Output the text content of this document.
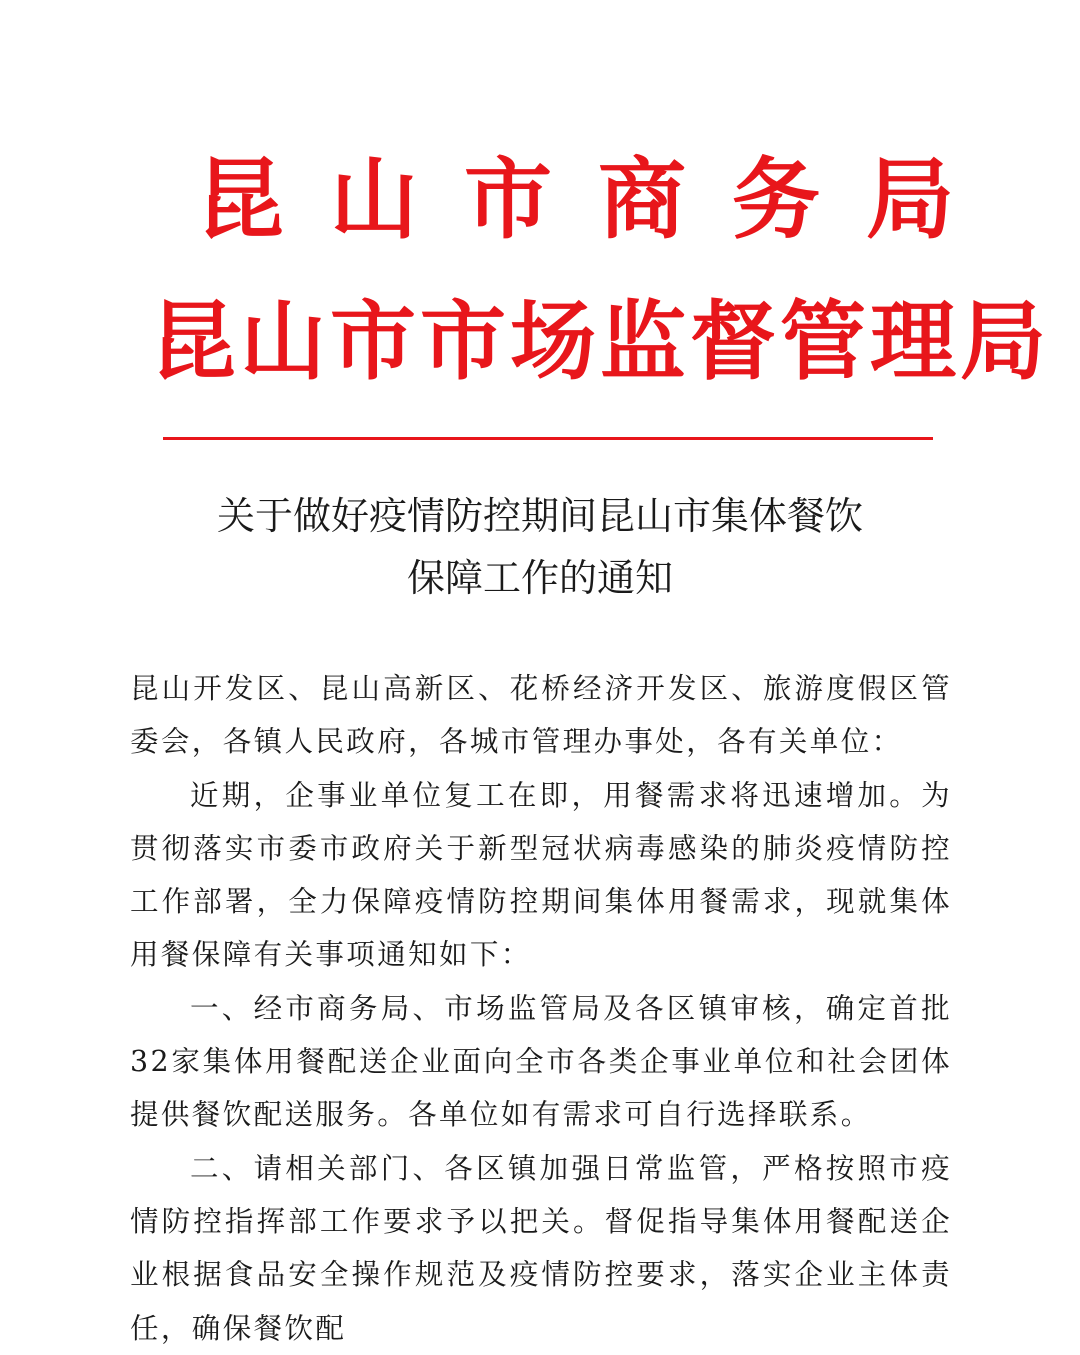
昆山市商务局
昆山市市场监督管理局
关于做好疫情防控期间昆山市集体餐饮
保障工作的通知

昆山开发区、昆山高新区、花桥经济开发区、旅游度假区管委会，各镇人民政府，各城市管理办事处，各有关单位：

近期，企事业单位复工在即，用餐需求将迅速增加。为贯彻落实市委市政府关于新型冠状病毒感染的肺炎疫情防控工作部署，全力保障疫情防控期间集体用餐需求，现就集体用餐保障有关事项通知如下：

一、经市商务局、市场监管局及各区镇审核，确定首批32家集体用餐配送企业面向全市各类企事业单位和社会团体提供餐饮配送服务。各单位如有需求可自行选择联系。

二、请相关部门、各区镇加强日常监管，严格按照市疫情防控指挥部工作要求予以把关。督促指导集体用餐配送企业根据食品安全操作规范及疫情防控要求，落实企业主体责任，确保餐饮配
